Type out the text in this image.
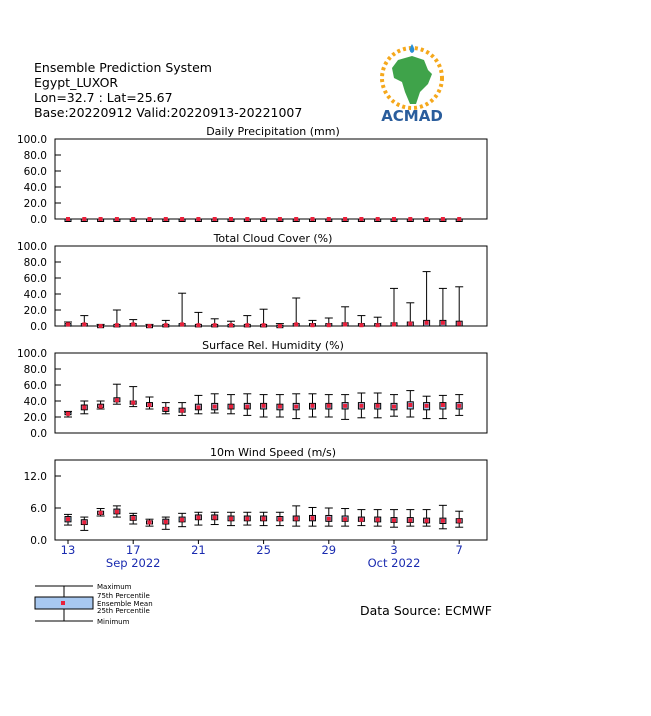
Ensemble Prediction System
Egypt_LUXOR
Lon=32.7 : Lat=25.67
Base:20220912 Valid:20220913-20221007	ACMAD
Daily Precipitation (mm)
0.0
20.0
40.0
60.0
80.0
100.0
Total Cloud Cover (%)
0.0
20.0
40.0
60.0
80.0
100.0
Surface Rel. Humidity (%)
0.0
20.0
40.0
60.0
80.0
100.0
10m Wind Speed (m/s)
0.0
6.0
12.0
13	17	21	25	29	3	7
Sep 2022	Oct 2022
Maximum
75th Percentile
Ensemble Mean
25th Percentile
Minimum
Data Source: ECMWF
